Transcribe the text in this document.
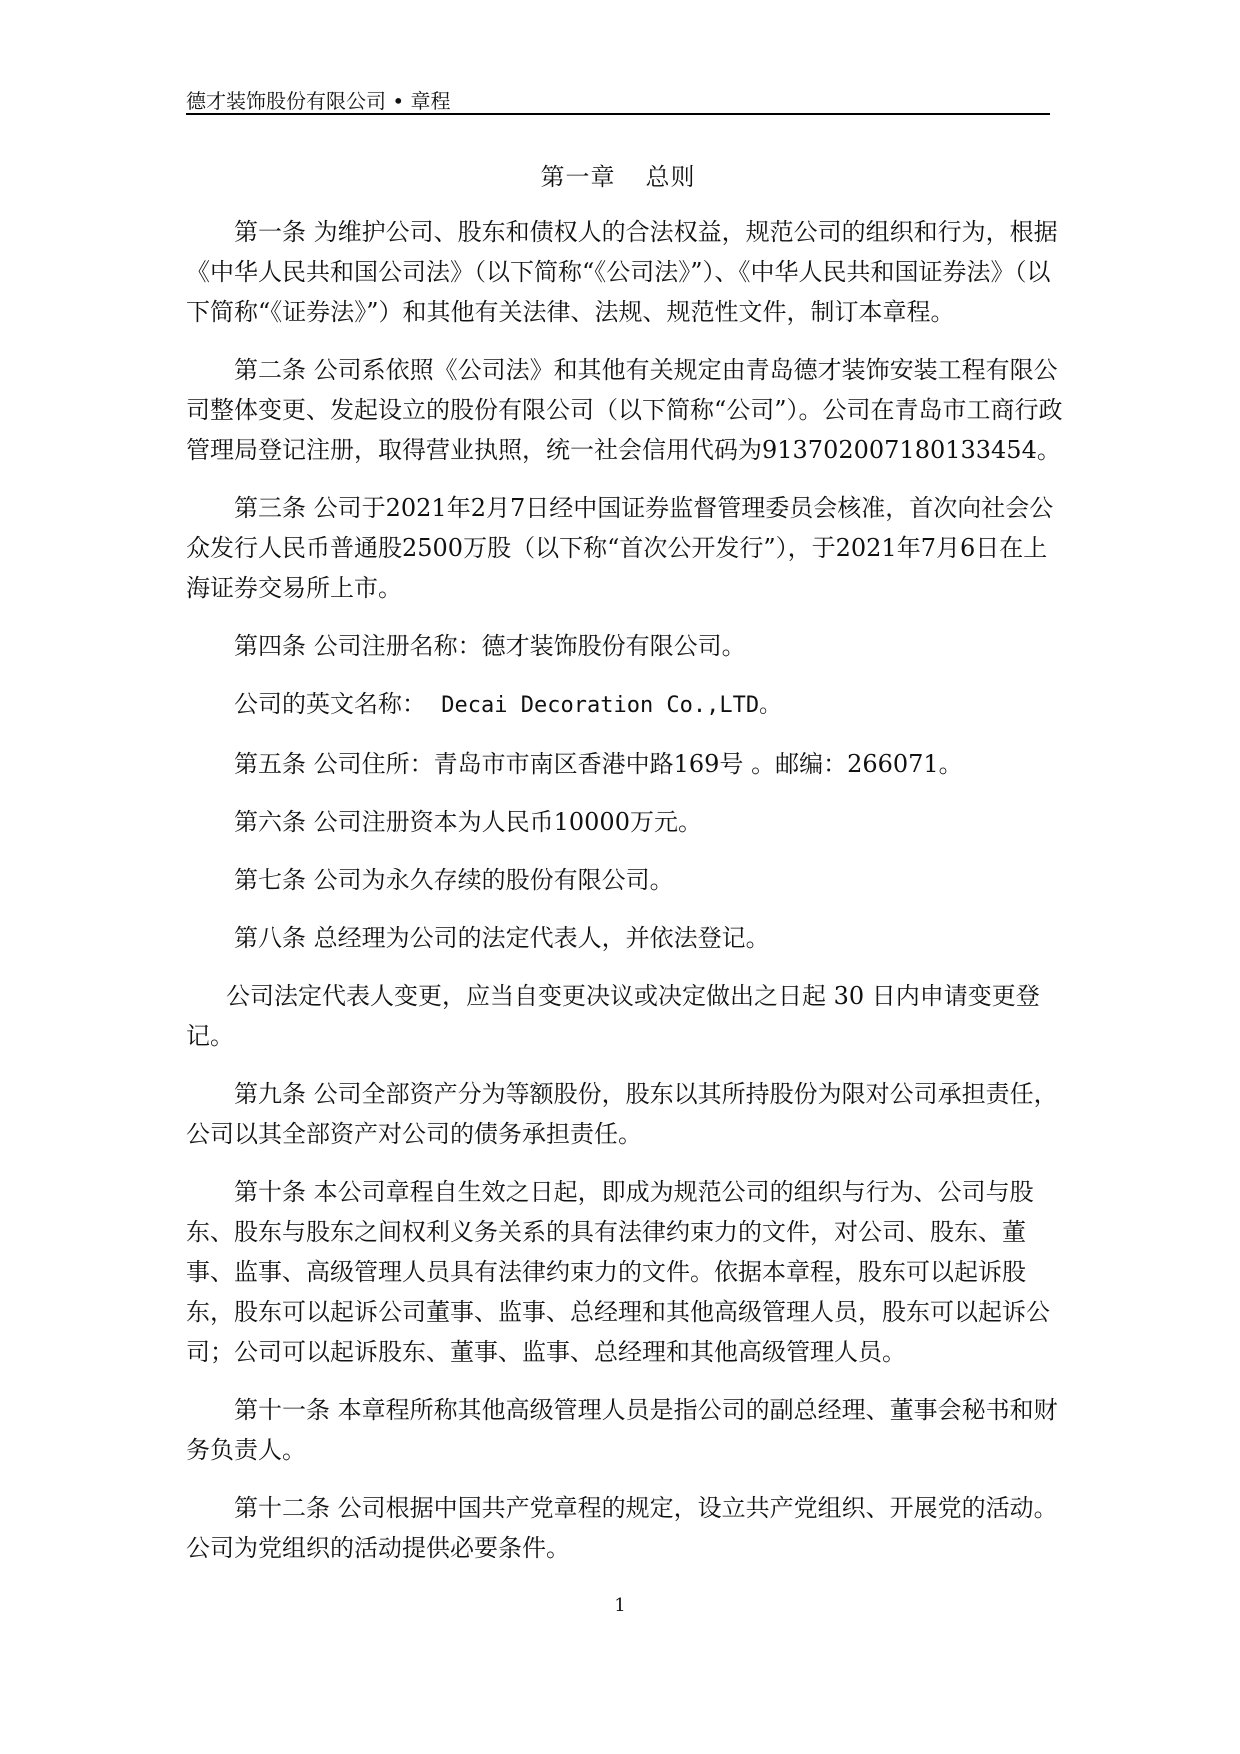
德才装饰股份有限公司 • 章程
第一章 总则

第一条 为维护公司、股东和债权人的合法权益，规范公司的组织和行为，根据《中华人民共和国公司法》（以下简称“《公司法》”）、《中华人民共和国证券法》（以下简称“《证券法》”）和其他有关法律、法规、规范性文件，制订本章程。

第二条 公司系依照《公司法》和其他有关规定由青岛德才装饰安装工程有限公司整体变更、发起设立的股份有限公司（以下简称“公司”）。公司在青岛市工商行政管理局登记注册，取得营业执照，统一社会信用代码为913702007180133454。

第三条 公司于2021年2月7日经中国证券监督管理委员会核准，首次向社会公众发行人民币普通股2500万股（以下称“首次公开发行”），于2021年7月6日在上海证券交易所上市。

第四条 公司注册名称：德才装饰股份有限公司。

公司的英文名称： Decai Decoration Co.,LTD。

第五条 公司住所：青岛市市南区香港中路169号 。邮编：266071。

第六条 公司注册资本为人民币10000万元。

第七条 公司为永久存续的股份有限公司。

第八条 总经理为公司的法定代表人，并依法登记。

公司法定代表人变更，应当自变更决议或决定做出之日起 30 日内申请变更登记。

第九条 公司全部资产分为等额股份，股东以其所持股份为限对公司承担责任，公司以其全部资产对公司的债务承担责任。

第十条 本公司章程自生效之日起，即成为规范公司的组织与行为、公司与股东、股东与股东之间权利义务关系的具有法律约束力的文件，对公司、股东、董事、监事、高级管理人员具有法律约束力的文件。依据本章程，股东可以起诉股东，股东可以起诉公司董事、监事、总经理和其他高级管理人员，股东可以起诉公司；公司可以起诉股东、董事、监事、总经理和其他高级管理人员。

第十一条 本章程所称其他高级管理人员是指公司的副总经理、董事会秘书和财务负责人。

第十二条 公司根据中国共产党章程的规定，设立共产党组织、开展党的活动。公司为党组织的活动提供必要条件。

1
